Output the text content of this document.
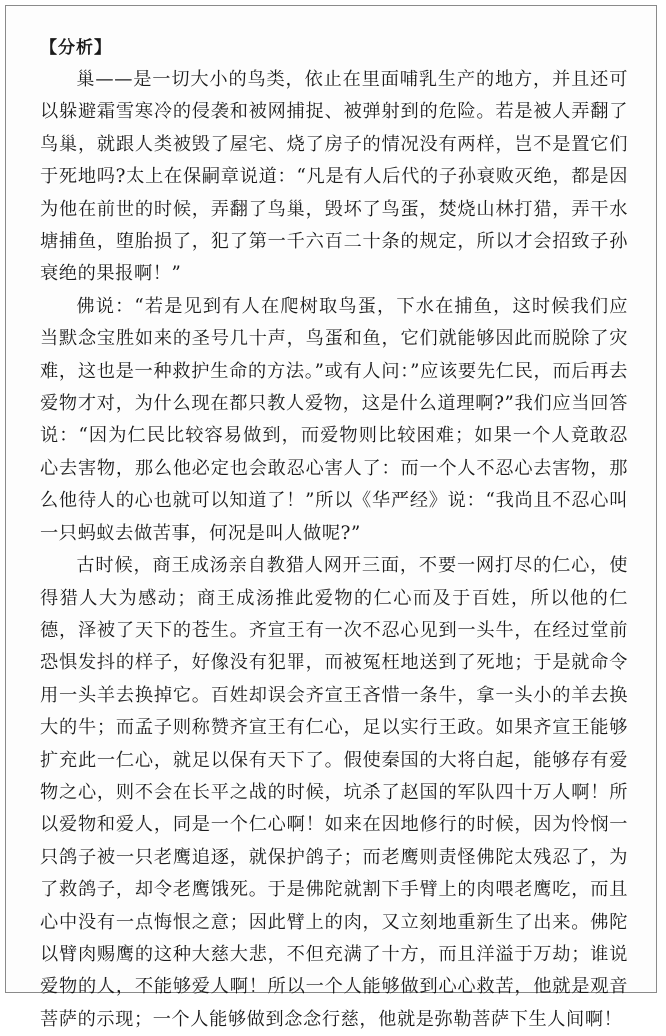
【分析】

巢——是一切大小的鸟类，依止在里面哺乳生产的地方，并且还可以躲避霜雪寒冷的侵袭和被网捕捉、被弹射到的危险。若是被人弄翻了鸟巢，就跟人类被毁了屋宅、烧了房子的情况没有两样，岂不是置它们于死地吗?太上在保嗣章说道：“凡是有人后代的子孙衰败灭绝，都是因为他在前世的时候，弄翻了鸟巢，毁坏了鸟蛋，焚烧山林打猎，弄干水塘捕鱼，堕胎损了，犯了第一千六百二十条的规定，所以才会招致子孙衰绝的果报啊！”

佛说：“若是见到有人在爬树取鸟蛋，下水在捕鱼，这时候我们应当默念宝胜如来的圣号几十声，鸟蛋和鱼，它们就能够因此而脱除了灾难，这也是一种救护生命的方法。”或有人问：”应该要先仁民，而后再去爱物才对，为什么现在都只教人爱物，这是什么道理啊?”我们应当回答说：“因为仁民比较容易做到，而爱物则比较困难；如果一个人竟敢忍心去害物，那么他必定也会敢忍心害人了：而一个人不忍心去害物，那么他待人的心也就可以知道了！”所以《华严经》说：“我尚且不忍心叫一只蚂蚁去做苦事，何况是叫人做呢?”

古时候，商王成汤亲自教猎人网开三面，不要一网打尽的仁心，使得猎人大为感动；商王成汤推此爱物的仁心而及于百姓，所以他的仁德，泽被了天下的苍生。齐宣王有一次不忍心见到一头牛，在经过堂前恐惧发抖的样子，好像没有犯罪，而被冤枉地送到了死地；于是就命令用一头羊去换掉它。百姓却误会齐宣王吝惜一条牛，拿一头小的羊去换大的牛；而孟子则称赞齐宣王有仁心，足以实行王政。如果齐宣王能够扩充此一仁心，就足以保有天下了。假使秦国的大将白起，能够存有爱物之心，则不会在长平之战的时候，坑杀了赵国的军队四十万人啊！所以爱物和爱人，同是一个仁心啊！如来在因地修行的时候，因为怜悯一只鸽子被一只老鹰追逐，就保护鸽子；而老鹰则责怪佛陀太残忍了，为了救鸽子，却令老鹰饿死。于是佛陀就割下手臂上的肉喂老鹰吃，而且心中没有一点悔恨之意；因此臂上的肉，又立刻地重新生了出来。佛陀以臂肉赐鹰的这种大慈大悲，不但充满了十方，而且洋溢于万劫；谁说爱物的人，不能够爱人啊！所以一个人能够做到心心救苦，他就是观音菩萨的示现；一个人能够做到念念行慈，他就是弥勒菩萨下生人间啊！
